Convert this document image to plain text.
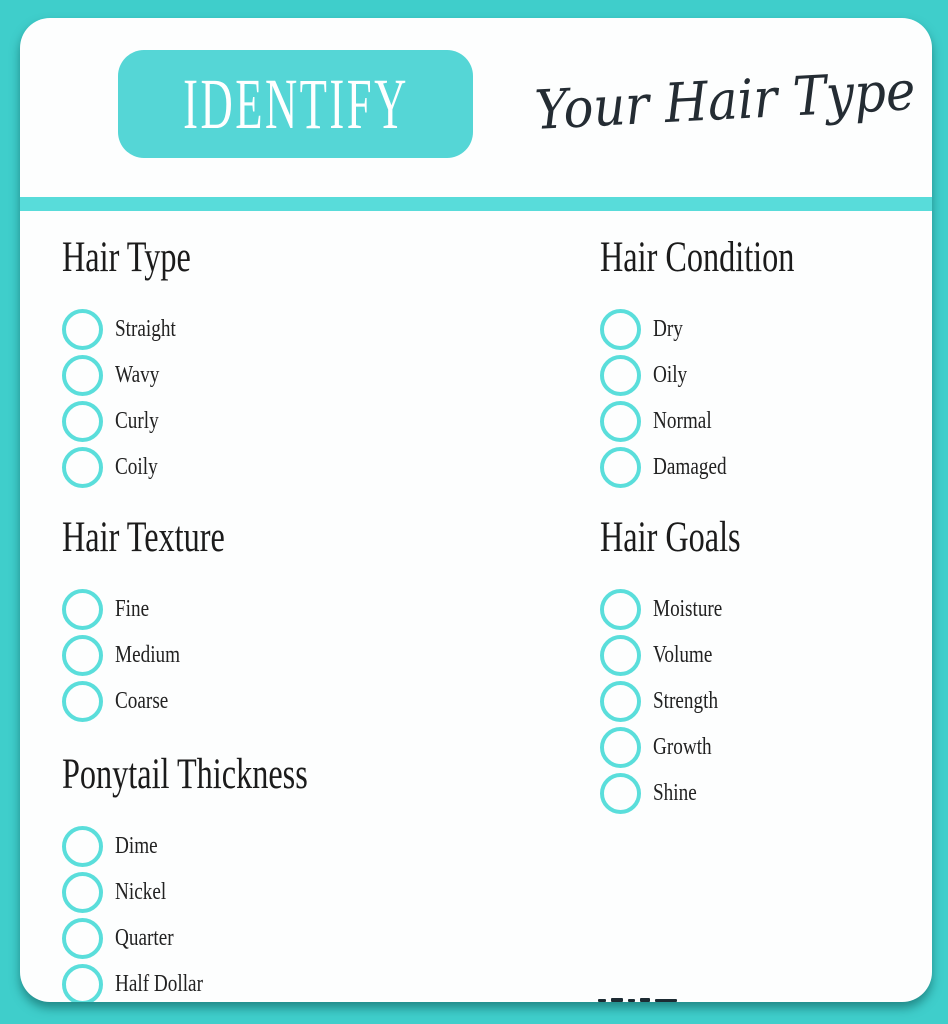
IDENTIFY Your Hair Type
Hair Type
Straight
Wavy
Curly
Coily
Hair Condition
Dry
Oily
Normal
Damaged
Hair Texture
Fine
Medium
Coarse
Hair Goals
Moisture
Volume
Strength
Growth
Shine
Ponytail Thickness
Dime
Nickel
Quarter
Half Dollar
